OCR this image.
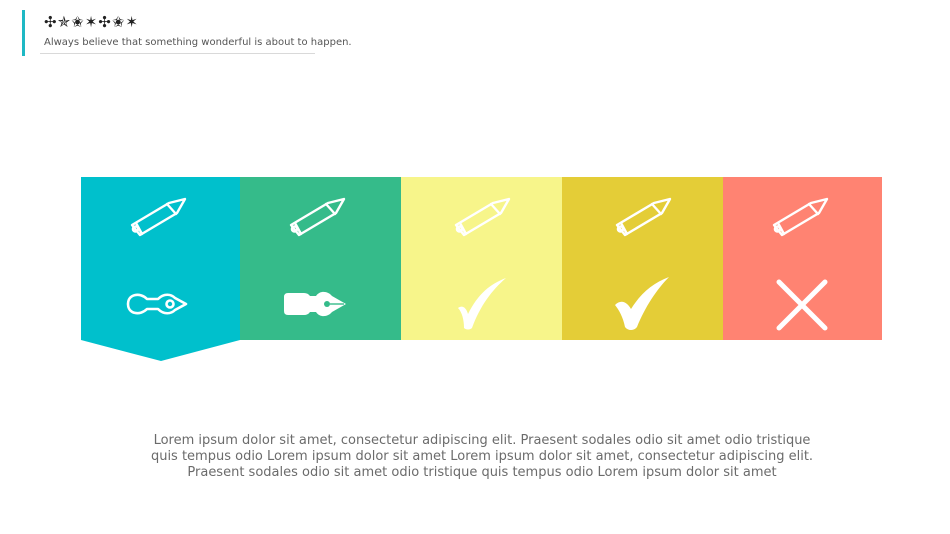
✣✯✬✶✣✬✶
Always believe that something wonderful is about to happen.
Lorem ipsum dolor sit amet, consectetur adipiscing elit. Praesent sodales odio sit amet odio tristique quis tempus odio Lorem ipsum dolor sit amet Lorem ipsum dolor sit amet, consectetur adipiscing elit. Praesent sodales odio sit amet odio tristique quis tempus odio Lorem ipsum dolor sit amet
